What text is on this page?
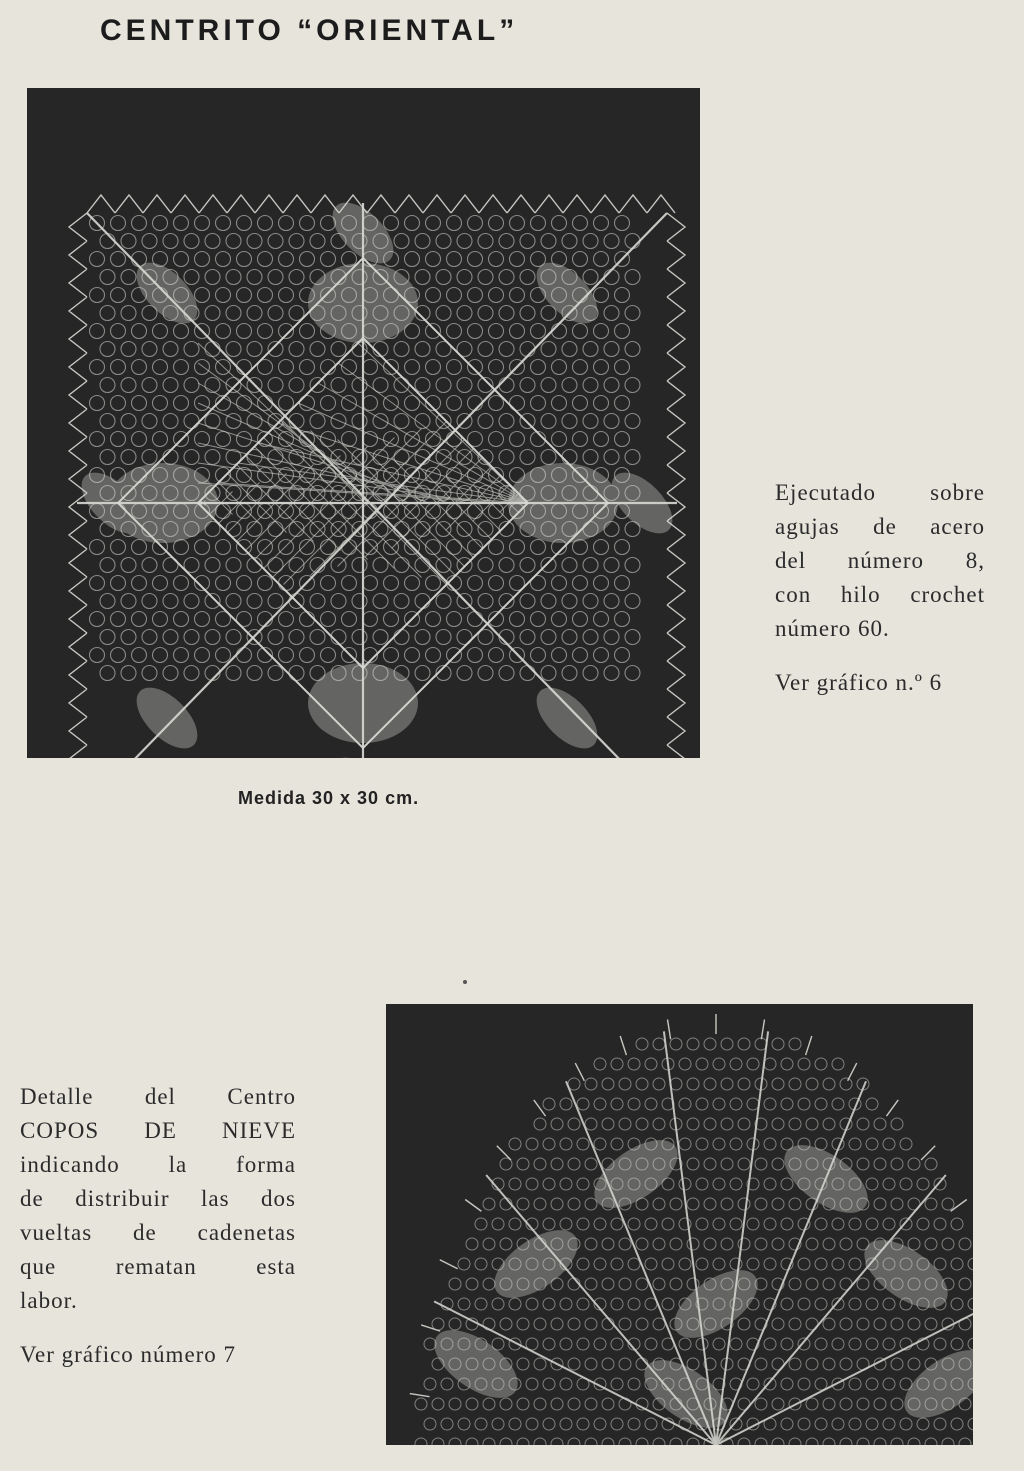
CENTRITO “ORIENTAL”

Medida 30 x 30 cm.

Ejecutado sobre
agujas de acero
del número 8,
con hilo crochet
número 60.
Ver gráfico n.º 6
Detalle del Centro
COPOS DE NIEVE
indicando la forma
de distribuir las dos
vueltas de cadenetas
que rematan esta
labor.
Ver gráfico número 7
